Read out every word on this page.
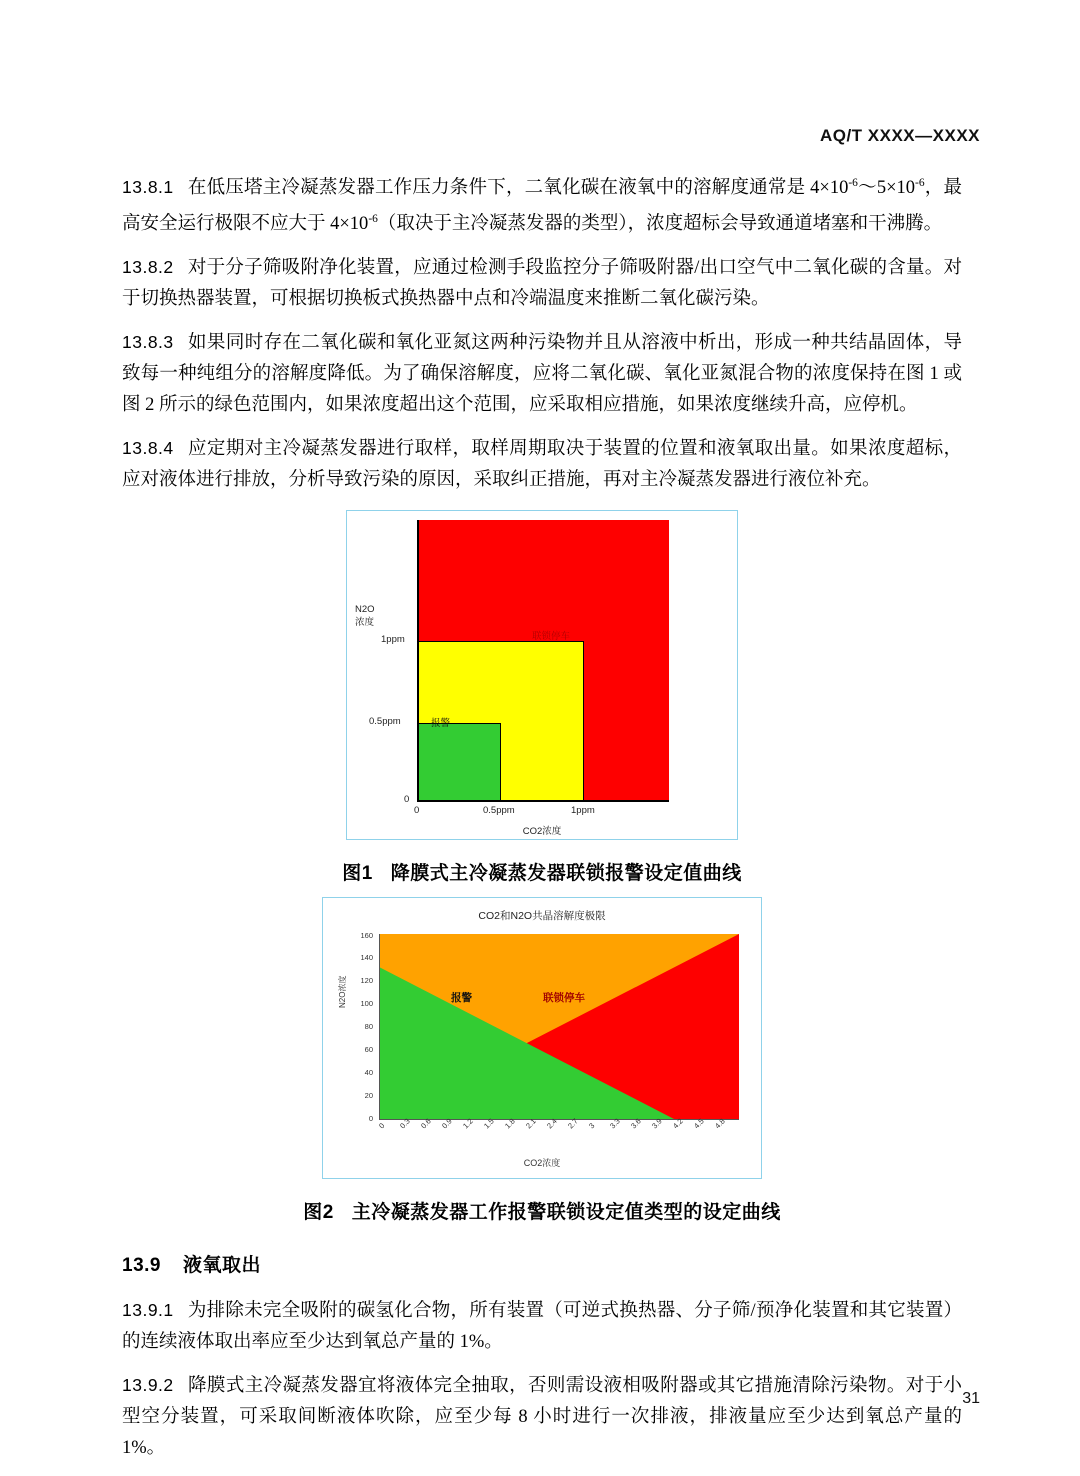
AQ/T XXXX—XXXX

13.8.1 在低压塔主冷凝蒸发器工作压力条件下，二氧化碳在液氧中的溶解度通常是 $4\times 10^{-6}\sim 5\times 10^{-6}$，最高安全运行极限不应大于 $4\times 10^{-6}$（取决于主冷凝蒸发器的类型），浓度超标会导致通道堵塞和干沸腾。

13.8.2 对于分子筛吸附净化装置，应通过检测手段监控分子筛吸附器/出口空气中二氧化碳的含量。对于切换热器装置，可根据切换板式换热器中点和冷端温度来推断二氧化碳污染。

13.8.3 如果同时存在二氧化碳和氧化亚氮这两种污染物并且从溶液中析出，形成一种共结晶固体，导致每一种纯组分的溶解度降低。为了确保溶解度，应将二氧化碳、氧化亚氮混合物的浓度保持在图 1 或图 2 所示的绿色范围内，如果浓度超出这个范围，应采取相应措施，如果浓度继续升高，应停机。

13.8.4 应定期对主冷凝蒸发器进行取样，取样周期取决于装置的位置和液氧取出量。如果浓度超标，应对液体进行排放，分析导致污染的原因，采取纠正措施，再对主冷凝蒸发器进行液位补充。

N2O
浓度
1ppm
0.5ppm
0
0	0.5ppm	1ppm
报警
联锁停车
CO2浓度
图1 降膜式主冷凝蒸发器联锁报警设定值曲线
CO2和N2O共晶溶解度极限
N2O浓度
160
140
120
100
80
60
40
20
0
0 0.3 0.6 0.9 1.2 1.5 1.8 2.1 2.4 2.7 3 3.3 3.6 3.9 4.2 4.5 4.8
报警	联锁停车
CO2浓度
图2 主冷凝蒸发器工作报警联锁设定值类型的设定曲线
13.9 液氧取出

13.9.1 为排除未完全吸附的碳氢化合物，所有装置（可逆式换热器、分子筛/预净化装置和其它装置）的连续液体取出率应至少达到氧总产量的 1%。

13.9.2 降膜式主冷凝蒸发器宜将液体完全抽取，否则需设液相吸附器或其它措施清除污染物。对于小型空分装置，可采取间断液体吹除，应至少每 8 小时进行一次排液，排液量应至少达到氧总产量的 1%。

31
